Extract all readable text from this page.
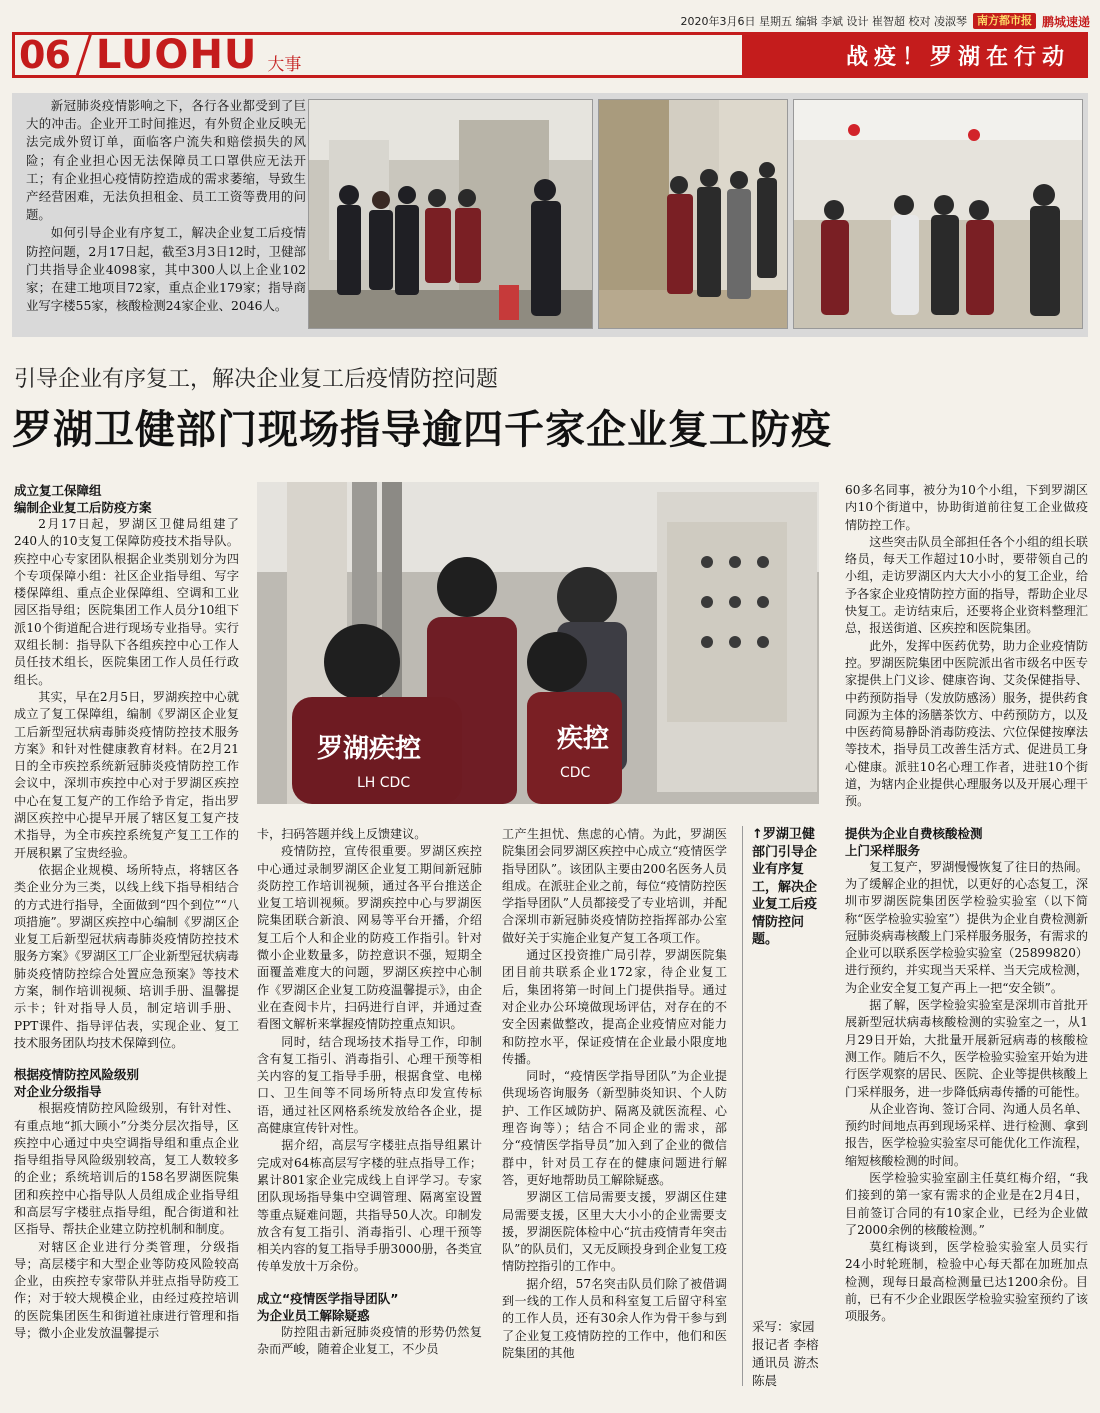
2020年3月6日 星期五 编辑 李斌 设计 崔智超 校对 凌淑琴 南方都市报 鹏城速递
06 LUOHU 大事	战疫！罗湖在行动

新冠肺炎疫情影响之下，各行各业都受到了巨大的冲击。企业开工时间推迟，有外贸企业反映无法完成外贸订单，面临客户流失和赔偿损失的风险；有企业担心因无法保障员工口罩供应无法开工；有企业担心疫情防控造成的需求萎缩，导致生产经营困难，无法负担租金、员工工资等费用的问题。

如何引导企业有序复工，解决企业复工后疫情防控问题，2月17日起，截至3月3日12时，卫健部门共指导企业4098家，其中300人以上企业102家；在建工地项目72家，重点企业179家；指导商业写字楼55家，核酸检测24家企业、2046人。

引导企业有序复工，解决企业复工后疫情防控问题
罗湖卫健部门现场指导逾四千家企业复工防疫
成立复工保障组
编制企业复工后防疫方案

2月17日起，罗湖区卫健局组建了240人的10支复工保障防疫技术指导队。疾控中心专家团队根据企业类别划分为四个专项保障小组：社区企业指导组、写字楼保障组、重点企业保障组、空调和工业园区指导组；医院集团工作人员分10组下派10个街道配合进行现场专业指导。实行双组长制：指导队下各组疾控中心工作人员任技术组长，医院集团工作人员任行政组长。

其实，早在2月5日，罗湖疾控中心就成立了复工保障组，编制《罗湖区企业复工后新型冠状病毒肺炎疫情防控技术服务方案》和针对性健康教育材料。在2月21日的全市疾控系统新冠肺炎疫情防控工作会议中，深圳市疾控中心对于罗湖区疾控中心在复工复产的工作给予肯定，指出罗湖区疾控中心提早开展了辖区复工复产技术指导，为全市疾控系统复产复工工作的开展积累了宝贵经验。

依据企业规模、场所特点，将辖区各类企业分为三类，以线上线下指导相结合的方式进行指导，全面做到“四个到位”“八项措施”。罗湖区疾控中心编制《罗湖区企业复工后新型冠状病毒肺炎疫情防控技术服务方案》《罗湖区工厂企业新型冠状病毒肺炎疫情防控综合处置应急预案》等技术方案，制作培训视频、培训手册、温馨提示卡；针对指导人员，制定培训手册、PPT课件、指导评估表，实现企业、复工技术服务团队均技术保障到位。

根据疫情防控风险级别
对企业分级指导

根据疫情防控风险级别，有针对性、有重点地“抓大顾小”分类分层次指导，区疾控中心通过中央空调指导组和重点企业指导组指导风险级别较高，复工人数较多的企业；系统培训后的158名罗湖医院集团和疾控中心指导队人员组成企业指导组和高层写字楼驻点指导组，配合街道和社区指导、帮扶企业建立防控机制和制度。

对辖区企业进行分类管理，分级指导；高层楼宇和大型企业等防疫风险较高企业，由疾控专家带队并驻点指导防疫工作；对于较大规模企业，由经过疫控培训的医院集团医生和街道社康进行管理和指导；微小企业发放温馨提示

罗湖疾控
LH CDC
疾控
CDC

卡，扫码答题并线上反馈建议。

疫情防控，宣传很重要。罗湖区疾控中心通过录制罗湖区企业复工期间新冠肺炎防控工作培训视频，通过各平台推送企业复工培训视频。罗湖疾控中心与罗湖医院集团联合新浪、网易等平台开播，介绍复工后个人和企业的防疫工作指引。针对微小企业数量多，防控意识不强，短期全面覆盖难度大的问题，罗湖区疾控中心制作《罗湖区企业复工防疫温馨提示》，由企业在查阅卡片，扫码进行自评，并通过查看图文解析来掌握疫情防控重点知识。

同时，结合现场技术指导工作，印制含有复工指引、消毒指引、心理干预等相关内容的复工指导手册，根据食堂、电梯口、卫生间等不同场所特点印发宣传标语，通过社区网格系统发放给各企业，提高健康宣传针对性。

据介绍，高层写字楼驻点指导组累计完成对64栋高层写字楼的驻点指导工作；累计801家企业完成线上自评学习。专家团队现场指导集中空调管理、隔离室设置等重点疑难问题，共指导50人次。印制发放含有复工指引、消毒指引、心理干预等相关内容的复工指导手册3000册，各类宣传单发放十万余份。

成立“疫情医学指导团队”
为企业员工解除疑惑

防控阻击新冠肺炎疫情的形势仍然复杂而严峻，随着企业复工，不少员

工产生担忧、焦虑的心情。为此，罗湖医院集团会同罗湖区疾控中心成立“疫情医学指导团队”。该团队主要由200名医务人员组成。在派驻企业之前，每位“疫情防控医学指导团队”人员都接受了专业培训，并配合深圳市新冠肺炎疫情防控指挥部办公室做好关于实施企业复产复工各项工作。

通过区投资推广局引荐，罗湖医院集团目前共联系企业172家，待企业复工后，集团将第一时间上门提供指导。通过对企业办公环境做现场评估，对存在的不安全因素做整改，提高企业疫情应对能力和防控水平，保证疫情在企业最小限度地传播。

同时，“疫情医学指导团队”为企业提供现场咨询服务（新型肺炎知识、个人防护、工作区域防护、隔离及就医流程、心理咨询等）；结合不同企业的需求，部分“疫情医学指导员”加入到了企业的微信群中，针对员工存在的健康问题进行解答，更好地帮助员工解除疑惑。

罗湖区工信局需要支援，罗湖区住建局需要支援，区里大大小小的企业需要支援，罗湖医院体检中心“抗击疫情青年突击队”的队员们，又无反顾投身到企业复工疫情防控指引的工作中。

据介绍，57名突击队员们除了被借调到一线的工作人员和科室复工后留守科室的工作人员，还有30余人作为骨干参与到了企业复工疫情防控的工作中，他们和医院集团的其他

↑罗湖卫健部门引导企业有序复工，解决企业复工后疫情防控问题。
采写：家园报记者 李榕 通讯员 游杰 陈晨

60多名同事，被分为10个小组，下到罗湖区内10个街道中，协助街道前往复工企业做疫情防控工作。

这些突击队员全部担任各个小组的组长联络员，每天工作超过10小时，要带领自己的小组，走访罗湖区内大大小小的复工企业，给予各家企业疫情防控方面的指导，帮助企业尽快复工。走访结束后，还要将企业资料整理汇总，报送街道、区疾控和医院集团。

此外，发挥中医药优势，助力企业疫情防控。罗湖医院集团中医院派出省市级名中医专家提供上门义诊、健康咨询、艾灸保健指导、中药预防指导（发放防感汤）服务，提供药食同源为主体的汤膳茶饮方、中药预防方，以及中医药简易静卧消毒防疫法、穴位保健按摩法等技术，指导员工改善生活方式、促进员工身心健康。派驻10名心理工作者，进驻10个街道，为辖内企业提供心理服务以及开展心理干预。

提供为企业自费核酸检测
上门采样服务

复工复产，罗湖慢慢恢复了往日的热闹。为了缓解企业的担忧，以更好的心态复工，深圳市罗湖医院集团医学检验实验室（以下简称“医学检验实验室”）提供为企业自费检测新冠肺炎病毒核酸上门采样服务服务，有需求的企业可以联系医学检验实验室（25899820）进行预约，并实现当天采样、当天完成检测，为企业安全复工复产再上一把“安全锁”。

据了解，医学检验实验室是深圳市首批开展新型冠状病毒核酸检测的实验室之一，从1月29日开始，大批量开展新冠病毒的核酸检测工作。随后不久，医学检验实验室开始为进行医学观察的居民、医院、企业等提供核酸上门采样服务，进一步降低病毒传播的可能性。

从企业咨询、签订合同、沟通人员名单、预约时间地点再到现场采样、进行检测、拿到报告，医学检验实验室尽可能优化工作流程，缩短核酸检测的时间。

医学检验实验室副主任莫红梅介绍，“我们接到的第一家有需求的企业是在2月4日，目前签订合同的有10家企业，已经为企业做了2000余例的核酸检测。”

莫红梅谈到，医学检验实验室人员实行24小时轮班制，检验中心每天都在加班加点检测，现每日最高检测量已达1200余份。目前，已有不少企业跟医学检验实验室预约了该项服务。
